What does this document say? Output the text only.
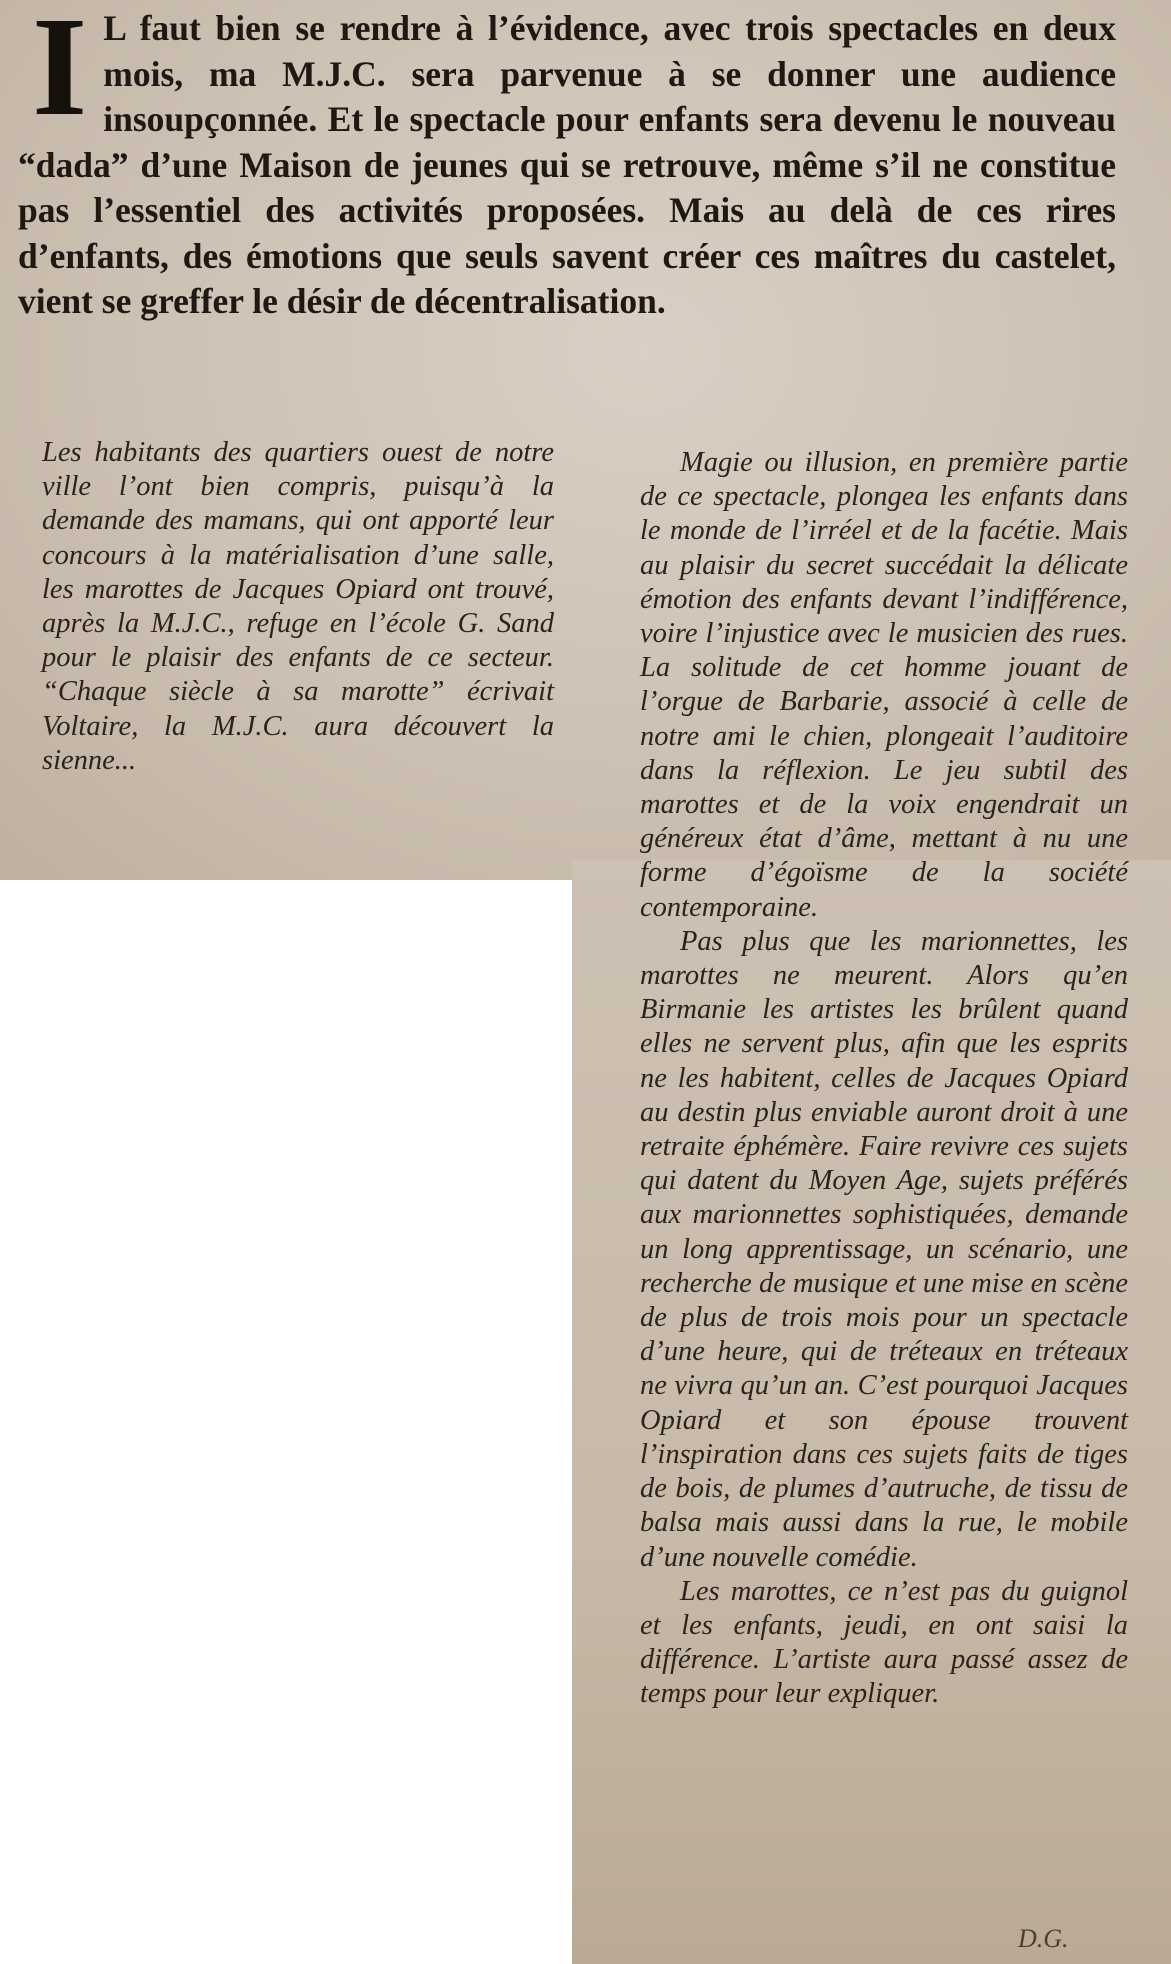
I L faut bien se rendre à l’évidence, avec trois spectacles en deux mois, ma M.J.C. sera parvenue à se donner une audience insoupçonnée. Et le spectacle pour enfants sera devenu le nouveau “dada” d’une Maison de jeunes qui se retrouve, même s’il ne constitue pas l’essentiel des activités proposées. Mais au delà de ces rires d’enfants, des émotions que seuls savent créer ces maîtres du castelet, vient se greffer le désir de décentralisation.

Les habitants des quartiers ouest de notre ville l’ont bien compris, puisqu’à la demande des mamans, qui ont apporté leur concours à la matérialisation d’une salle, les marottes de Jacques Opiard ont trouvé, après la M.J.C., refuge en l’école G. Sand pour le plaisir des enfants de ce secteur. “Chaque siècle à sa marotte” écrivait Voltaire, la M.J.C. aura découvert la sienne...

Magie ou illusion, en première partie de ce spectacle, plongea les enfants dans le monde de l’irréel et de la facétie. Mais au plaisir du secret succédait la délicate émotion des enfants devant l’indifférence, voire l’injustice avec le musicien des rues. La solitude de cet homme jouant de l’orgue de Barbarie, associé à celle de notre ami le chien, plongeait l’auditoire dans la réflexion. Le jeu subtil des marottes et de la voix engendrait un généreux état d’âme, mettant à nu une forme d’égoïsme de la société contemporaine.

Pas plus que les marionnettes, les marottes ne meurent. Alors qu’en Birmanie les artistes les brûlent quand elles ne servent plus, afin que les esprits ne les habitent, celles de Jacques Opiard au destin plus enviable auront droit à une retraite éphémère. Faire revivre ces sujets qui datent du Moyen Age, sujets préférés aux marionnettes sophistiquées, demande un long apprentissage, un scénario, une recherche de musique et une mise en scène de plus de trois mois pour un spectacle d’une heure, qui de tréteaux en tréteaux ne vivra qu’un an. C’est pourquoi Jacques Opiard et son épouse trouvent l’inspiration dans ces sujets faits de tiges de bois, de plumes d’autruche, de tissu de balsa mais aussi dans la rue, le mobile d’une nouvelle comédie.

Les marottes, ce n’est pas du guignol et les enfants, jeudi, en ont saisi la différence. L’artiste aura passé assez de temps pour leur expliquer.

D.G.
